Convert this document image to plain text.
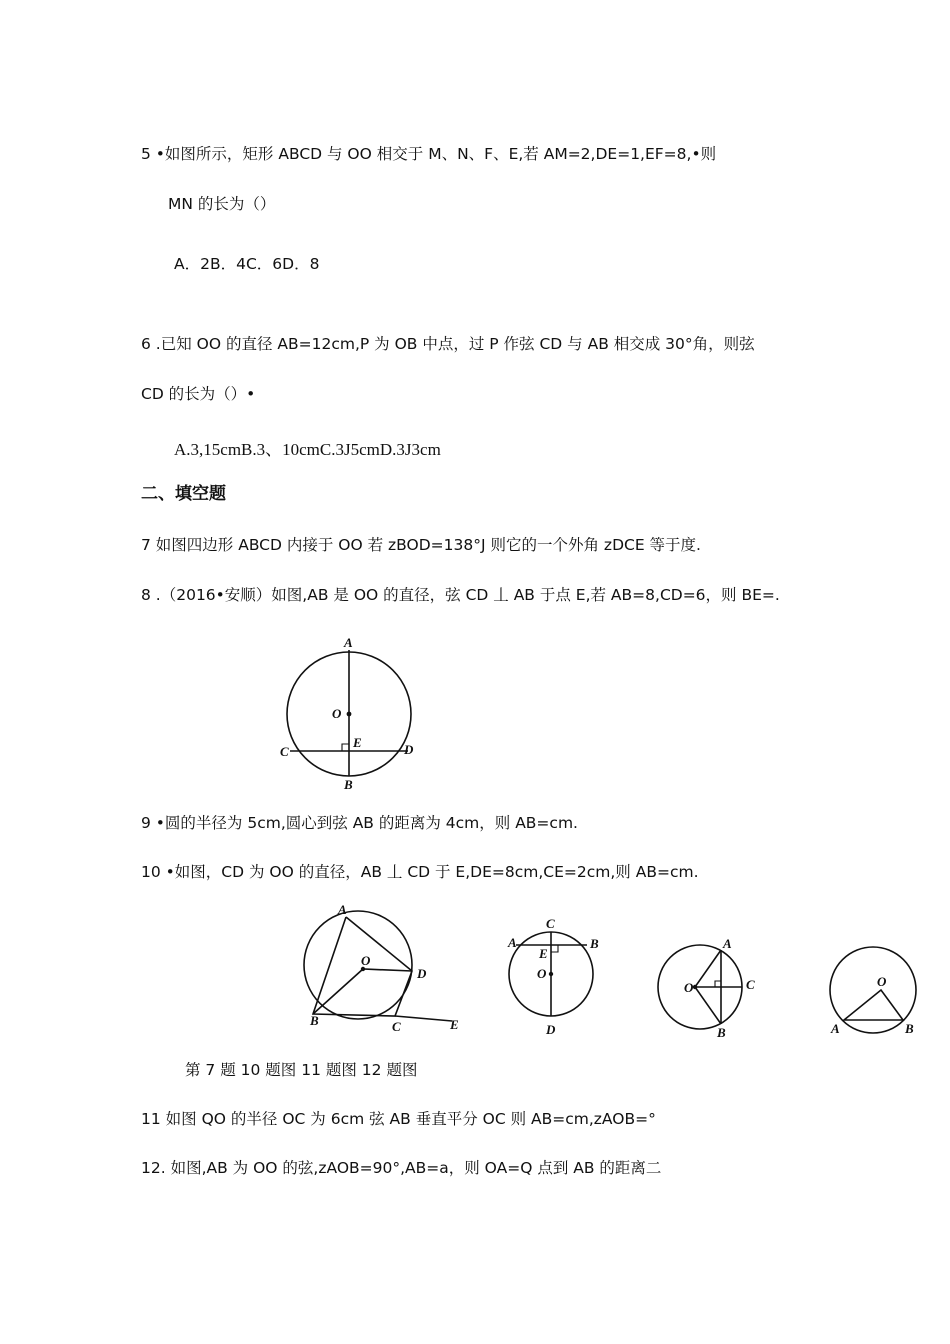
5 •如图所示，矩形 ABCD 与 OO 相交于 M、N、F、E,若 AM=2,DE=1,EF=8,•则
MN 的长为（）
A．2B．4C．6D．8
6 .已知 OO 的直径 AB=12cm,P 为 OB 中点，过 P 作弦 CD 与 AB 相交成 30°角，则弦
CD 的长为（）•
A.3,15cmB.3、10cmC.3J5cmD.3J3cm
二、填空题
7 如图四边形 ABCD 内接于 OO 若 zBOD=138°J 则它的一个外角 zDCE 等于度.
8 .（2016•安顺）如图,AB 是 OO 的直径，弦 CD 丄 AB 于点 E,若 AB=8,CD=6，则 BE=.
A
O
E
C	D
B
9 •圆的半径为 5cm,圆心到弦 AB 的距离为 4cm，则 AB=cm.
10 •如图，CD 为 OO 的直径，AB 丄 CD 于 E,DE=8cm,CE=2cm,则 AB=cm.
A
O
D
B	C	E
C
A	B
E
O
D
A
O	C
B
O
A	B
第 7 题 10 题图 11 题图 12 题图
11 如图 QO 的半径 OC 为 6cm 弦 AB 垂直平分 OC 则 AB=cm,zAOB=°
12. 如图,AB 为 OO 的弦,zAOB=90°,AB=a，则 OA=Q 点到 AB 的距离二
